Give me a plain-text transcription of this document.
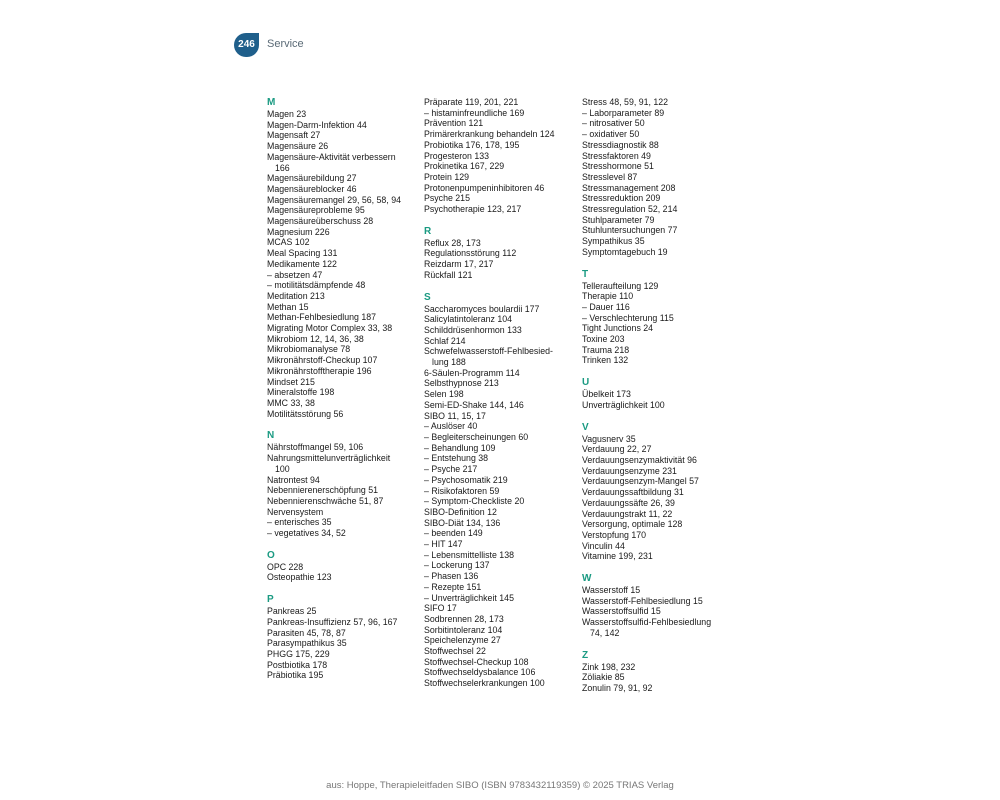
246	Service
M
Magen 23
Magen-Darm-Infektion 44
Magensaft 27
Magensäure 26
Magensäure-Aktivität verbessern
166
Magensäurebildung 27
Magensäureblocker 46
Magensäuremangel 29, 56, 58, 94
Magensäureprobleme 95
Magensäureüberschuss 28
Magnesium 226
MCAS 102
Meal Spacing 131
Medikamente 122
– absetzen 47
– motilitätsdämpfende 48
Meditation 213
Methan 15
Methan-Fehlbesiedlung 187
Migrating Motor Complex 33, 38
Mikrobiom 12, 14, 36, 38
Mikrobiomanalyse 78
Mikronährstoff-Checkup 107
Mikronährstofftherapie 196
Mindset 215
Mineralstoffe 198
MMC 33, 38
Motilitätsstörung 56
N
Nährstoffmangel 59, 106
Nahrungsmittelunverträglichkeit
100
Natrontest 94
Nebennierenerschöpfung 51
Nebennierenschwäche 51, 87
Nervensystem
– enterisches 35
– vegetatives 34, 52
O
OPC 228
Osteopathie 123
P
Pankreas 25
Pankreas-Insuffizienz 57, 96, 167
Parasiten 45, 78, 87
Parasympathikus 35
PHGG 175, 229
Postbiotika 178
Präbiotika 195
Präparate 119, 201, 221
– histaminfreundliche 169
Prävention 121
Primärerkrankung behandeln 124
Probiotika 176, 178, 195
Progesteron 133
Prokinetika 167, 229
Protein 129
Protonenpumpeninhibitoren 46
Psyche 215
Psychotherapie 123, 217
R
Reflux 28, 173
Regulationsstörung 112
Reizdarm 17, 217
Rückfall 121
S
Saccharomyces boulardii 177
Salicylatintoleranz 104
Schilddrüsenhormon 133
Schlaf 214
Schwefelwasserstoff-Fehlbesied-
lung 188
6-Säulen-Programm 114
Selbsthypnose 213
Selen 198
Semi-ED-Shake 144, 146
SIBO 11, 15, 17
– Auslöser 40
– Begleiterscheinungen 60
– Behandlung 109
– Entstehung 38
– Psyche 217
– Psychosomatik 219
– Risikofaktoren 59
– Symptom-Checkliste 20
SIBO-Definition 12
SIBO-Diät 134, 136
– beenden 149
– HIT 147
– Lebensmittelliste 138
– Lockerung 137
– Phasen 136
– Rezepte 151
– Unverträglichkeit 145
SIFO 17
Sodbrennen 28, 173
Sorbitintoleranz 104
Speichelenzyme 27
Stoffwechsel 22
Stoffwechsel-Checkup 108
Stoffwechseldysbalance 106
Stoffwechselerkrankungen 100
Stress 48, 59, 91, 122
– Laborparameter 89
– nitrosativer 50
– oxidativer 50
Stressdiagnostik 88
Stressfaktoren 49
Stresshormone 51
Stresslevel 87
Stressmanagement 208
Stressreduktion 209
Stressregulation 52, 214
Stuhlparameter 79
Stuhluntersuchungen 77
Sympathikus 35
Symptomtagebuch 19
T
Telleraufteilung 129
Therapie 110
– Dauer 116
– Verschlechterung 115
Tight Junctions 24
Toxine 203
Trauma 218
Trinken 132
U
Übelkeit 173
Unverträglichkeit 100
V
Vagusnerv 35
Verdauung 22, 27
Verdauungsenzymaktivität 96
Verdauungsenzyme 231
Verdauungsenzym-Mangel 57
Verdauungssaftbildung 31
Verdauungssäfte 26, 39
Verdauungstrakt 11, 22
Versorgung, optimale 128
Verstopfung 170
Vinculin 44
Vitamine 199, 231
W
Wasserstoff 15
Wasserstoff-Fehlbesiedlung 15
Wasserstoffsulfid 15
Wasserstoffsulfid-Fehlbesiedlung
74, 142
Z
Zink 198, 232
Zöliakie 85
Zonulin 79, 91, 92
aus: Hoppe, Therapieleitfaden SIBO (ISBN 9783432119359) © 2025 TRIAS Verlag
